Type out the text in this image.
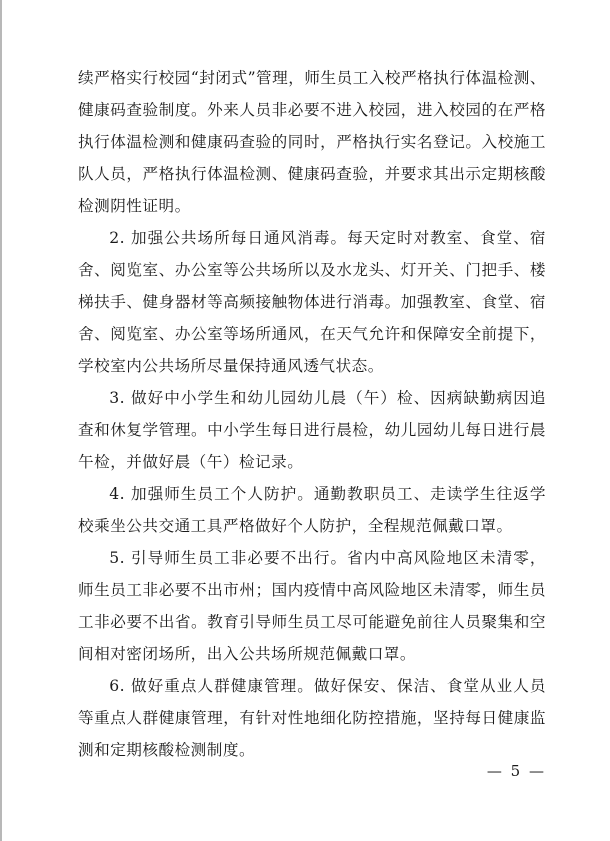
续严格实行校园“封闭式”管理，师生员工入校严格执行体温检测、健康码查验制度。外来人员非必要不进入校园，进入校园的在严格执行体温检测和健康码查验的同时，严格执行实名登记。入校施工队人员，严格执行体温检测、健康码查验，并要求其出示定期核酸检测阴性证明。

2. 加强公共场所每日通风消毒。每天定时对教室、食堂、宿舍、阅览室、办公室等公共场所以及水龙头、灯开关、门把手、楼梯扶手、健身器材等高频接触物体进行消毒。加强教室、食堂、宿舍、阅览室、办公室等场所通风，在天气允许和保障安全前提下，学校室内公共场所尽量保持通风透气状态。

3. 做好中小学生和幼儿园幼儿晨（午）检、因病缺勤病因追查和休复学管理。中小学生每日进行晨检，幼儿园幼儿每日进行晨午检，并做好晨（午）检记录。

4. 加强师生员工个人防护。通勤教职员工、走读学生往返学校乘坐公共交通工具严格做好个人防护，全程规范佩戴口罩。

5. 引导师生员工非必要不出行。省内中高风险地区未清零，师生员工非必要不出市州；国内疫情中高风险地区未清零，师生员工非必要不出省。教育引导师生员工尽可能避免前往人员聚集和空间相对密闭场所，出入公共场所规范佩戴口罩。

6. 做好重点人群健康管理。做好保安、保洁、食堂从业人员等重点人群健康管理，有针对性地细化防控措施，坚持每日健康监测和定期核酸检测制度。

— 5 —
